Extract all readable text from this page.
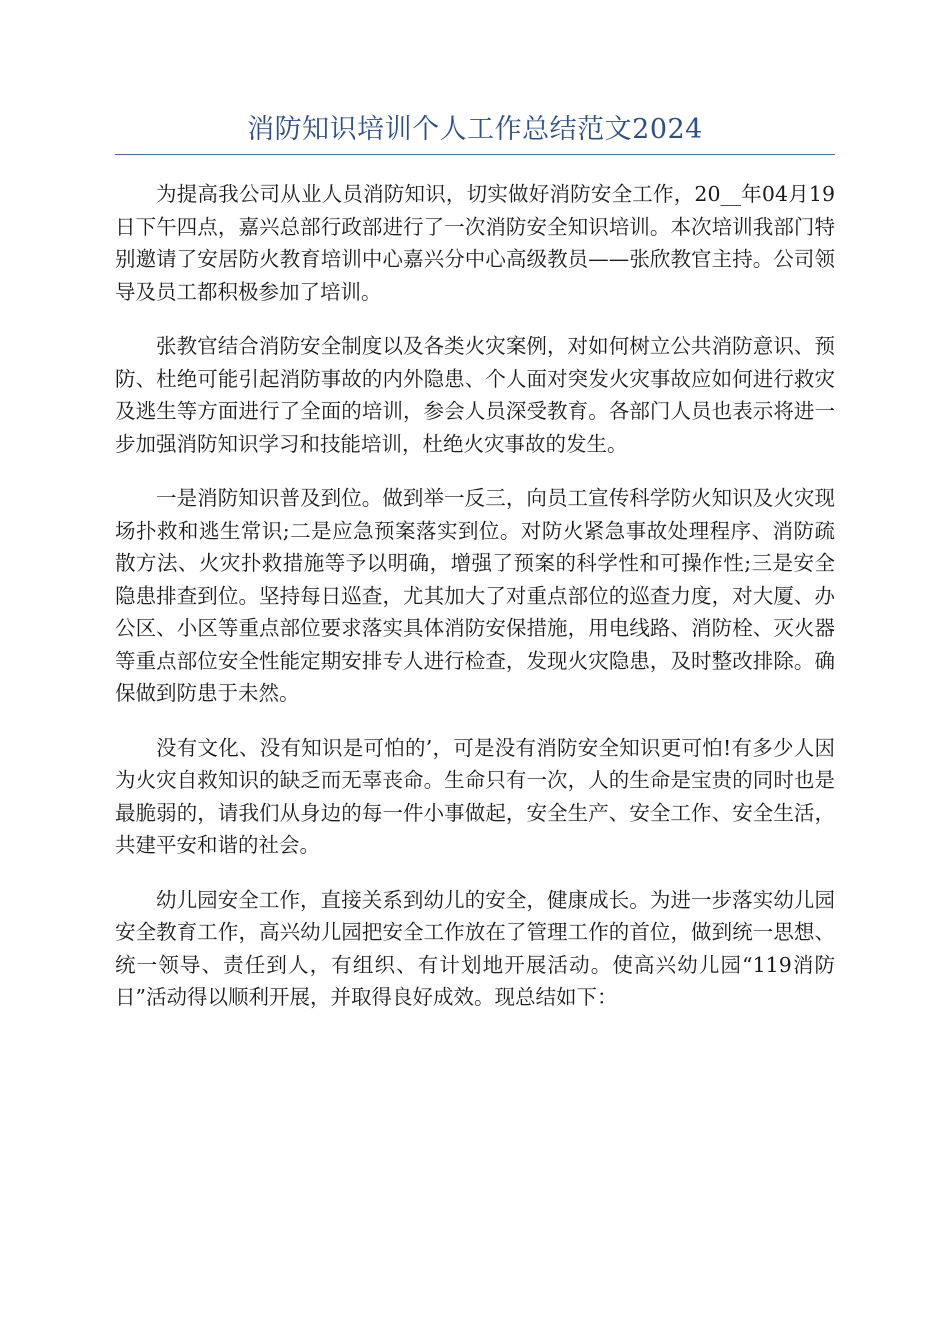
消防知识培训个人工作总结范文2024

为提高我公司从业人员消防知识，切实做好消防安全工作，20__年04月19日下午四点，嘉兴总部行政部进行了一次消防安全知识培训。本次培训我部门特别邀请了安居防火教育培训中心嘉兴分中心高级教员——张欣教官主持。公司领导及员工都积极参加了培训。

张教官结合消防安全制度以及各类火灾案例，对如何树立公共消防意识、预防、杜绝可能引起消防事故的内外隐患、个人面对突发火灾事故应如何进行救灾及逃生等方面进行了全面的培训，参会人员深受教育。各部门人员也表示将进一步加强消防知识学习和技能培训，杜绝火灾事故的发生。

一是消防知识普及到位。做到举一反三，向员工宣传科学防火知识及火灾现场扑救和逃生常识;二是应急预案落实到位。对防火紧急事故处理程序、消防疏散方法、火灾扑救措施等予以明确，增强了预案的科学性和可操作性;三是安全隐患排查到位。坚持每日巡查，尤其加大了对重点部位的巡查力度，对大厦、办公区、小区等重点部位要求落实具体消防安保措施，用电线路、消防栓、灭火器等重点部位安全性能定期安排专人进行检查，发现火灾隐患，及时整改排除。确保做到防患于未然。

没有文化、没有知识是可怕的’，可是没有消防安全知识更可怕!有多少人因为火灾自救知识的缺乏而无辜丧命。生命只有一次，人的生命是宝贵的同时也是最脆弱的，请我们从身边的每一件小事做起，安全生产、安全工作、安全生活，共建平安和谐的社会。

幼儿园安全工作，直接关系到幼儿的安全，健康成长。为进一步落实幼儿园安全教育工作，高兴幼儿园把安全工作放在了管理工作的首位，做到统一思想、统一领导、责任到人，有组织、有计划地开展活动。使高兴幼儿园“119消防日”活动得以顺利开展，并取得良好成效。现总结如下：
